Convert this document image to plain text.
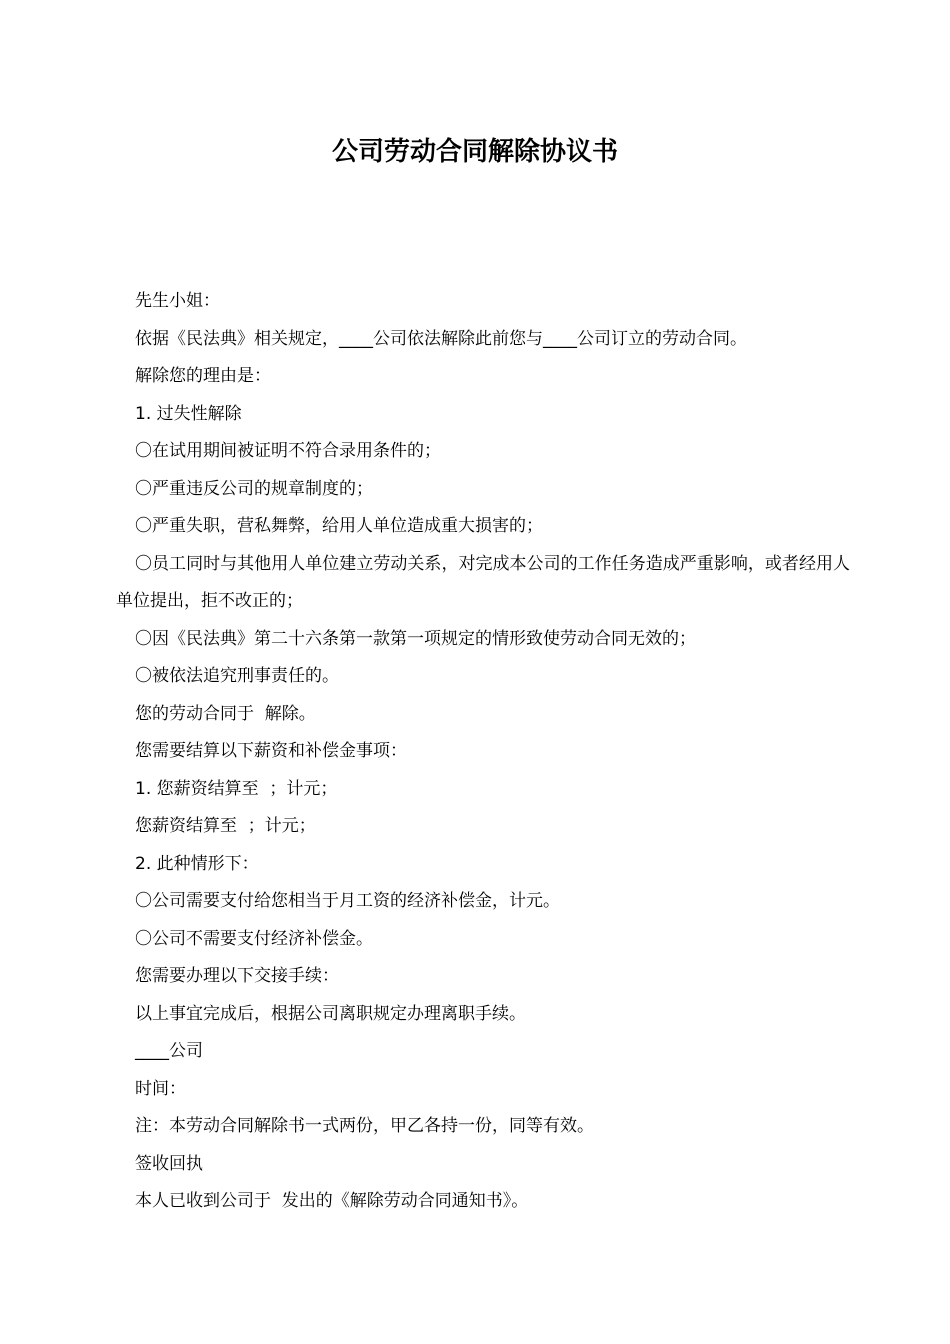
公司劳动合同解除协议书

先生小姐：

依据《民法典》相关规定，____公司依法解除此前您与____公司订立的劳动合同。

解除您的理由是：

1. 过失性解除

〇在试用期间被证明不符合录用条件的；

〇严重违反公司的规章制度的；

〇严重失职，营私舞弊，给用人单位造成重大损害的；

〇员工同时与其他用人单位建立劳动关系，对完成本公司的工作任务造成严重影响，或者经用人单位提出，拒不改正的；

〇因《民法典》第二十六条第一款第一项规定的情形致使劳动合同无效的；

〇被依法追究刑事责任的。

您的劳动合同于  解除。

您需要结算以下薪资和补偿金事项：

1. 您薪资结算至  ；计元；

您薪资结算至  ；计元；

2. 此种情形下：

〇公司需要支付给您相当于月工资的经济补偿金，计元。

〇公司不需要支付经济补偿金。

您需要办理以下交接手续：

以上事宜完成后，根据公司离职规定办理离职手续。

____公司

时间：

注：本劳动合同解除书一式两份，甲乙各持一份，同等有效。

签收回执

本人已收到公司于  发出的《解除劳动合同通知书》。
